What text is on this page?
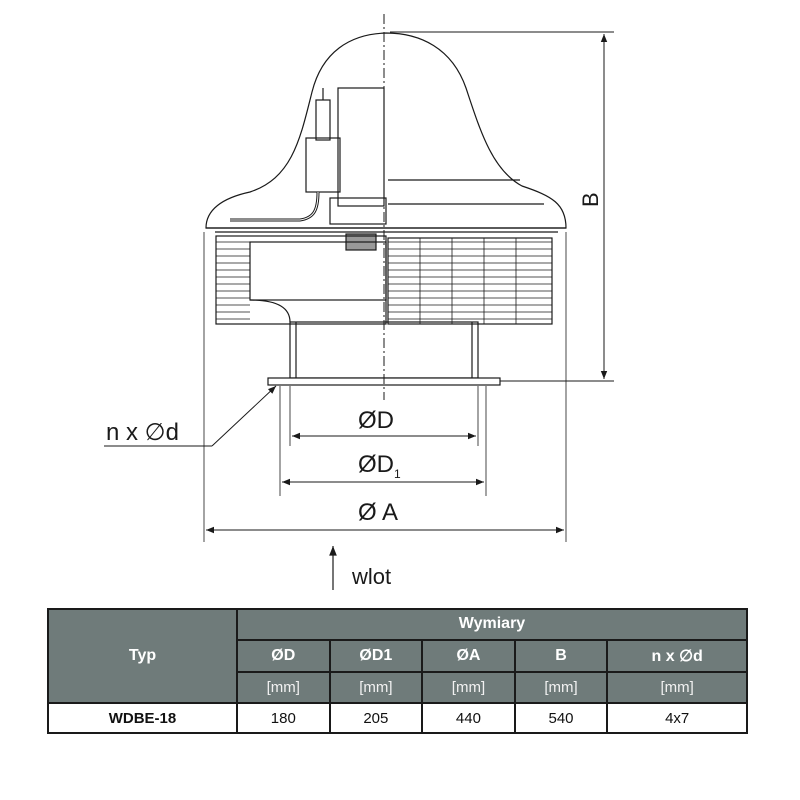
B
ØD
$ØD_1$
Ø A
n x ∅d
wlot
Typ	Wymiary				
	ØD	ØD1	ØA	B	n x ∅d
	[mm]	[mm]	[mm]	[mm]	[mm]
WDBE-18	180	205	440	540	4x7
